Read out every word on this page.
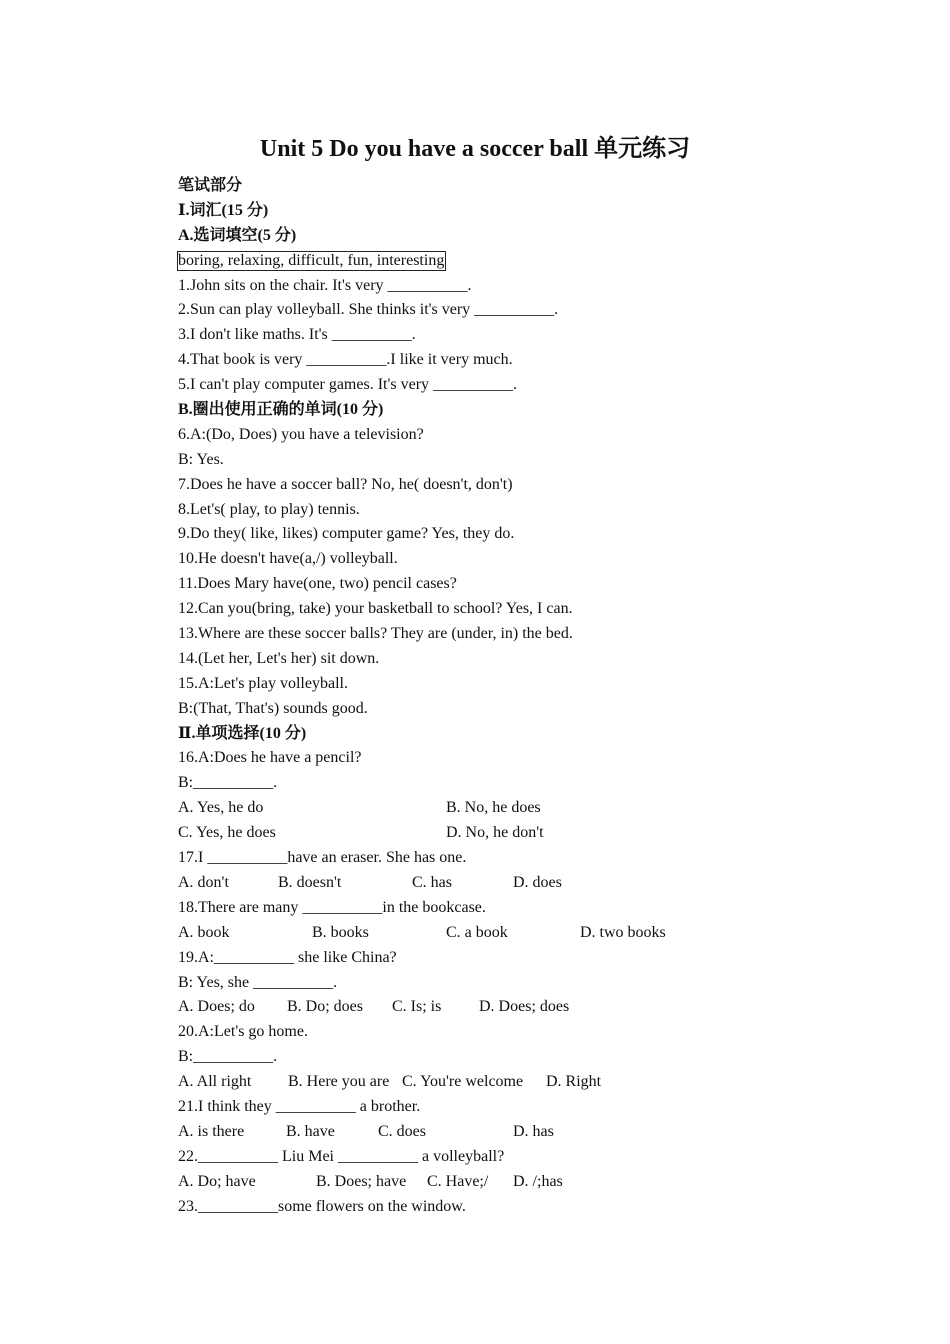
Unit 5 Do you have a soccer ball 单元练习
笔试部分
Ⅰ.词汇(15 分)
A.选词填空(5 分)
boring, relaxing, difficult, fun, interesting
1.John sits on the chair. It's very __________.
2.Sun can play volleyball. She thinks it's very __________.
3.I don't like maths. It's __________.
4.That book is very __________.I like it very much.
5.I can't play computer games. It's very __________.
B.圈出使用正确的单词(10 分)
6.A:(Do, Does) you have a television?
B: Yes.
7.Does he have a soccer ball? No, he( doesn't, don't)
8.Let's( play, to play) tennis.
9.Do they( like, likes) computer game? Yes, they do.
10.He doesn't have(a,/) volleyball.
11.Does Mary have(one, two) pencil cases?
12.Can you(bring, take) your basketball to school? Yes, I can.
13.Where are these soccer balls? They are (under, in) the bed.
14.(Let her, Let's her) sit down.
15.A:Let's play volleyball.
B:(That, That's) sounds good.
Ⅱ.单项选择(10 分)
16.A:Does he have a pencil?
B:__________.
A. Yes, he do	B. No, he does
C. Yes, he does	D. No, he don't
17.I __________have an eraser. She has one.
A. don't	B. doesn't	C. has	D. does
18.There are many __________in the bookcase.
A. book	B. books	C. a book	D. two books
19.A:__________ she like China?
B: Yes, she __________.
A. Does; do B. Do; does C. Is; is D. Does; does
20.A:Let's go home.
B:__________.
A. All right B. Here you are C. You're welcome D. Right
21.I think they __________ a brother.
A. is there	B. have	C. does	D. has
22.__________ Liu Mei __________ a volleyball?
A. Do; have	B. Does; have C. Have;/ D. /;has
23.__________some flowers on the window.
